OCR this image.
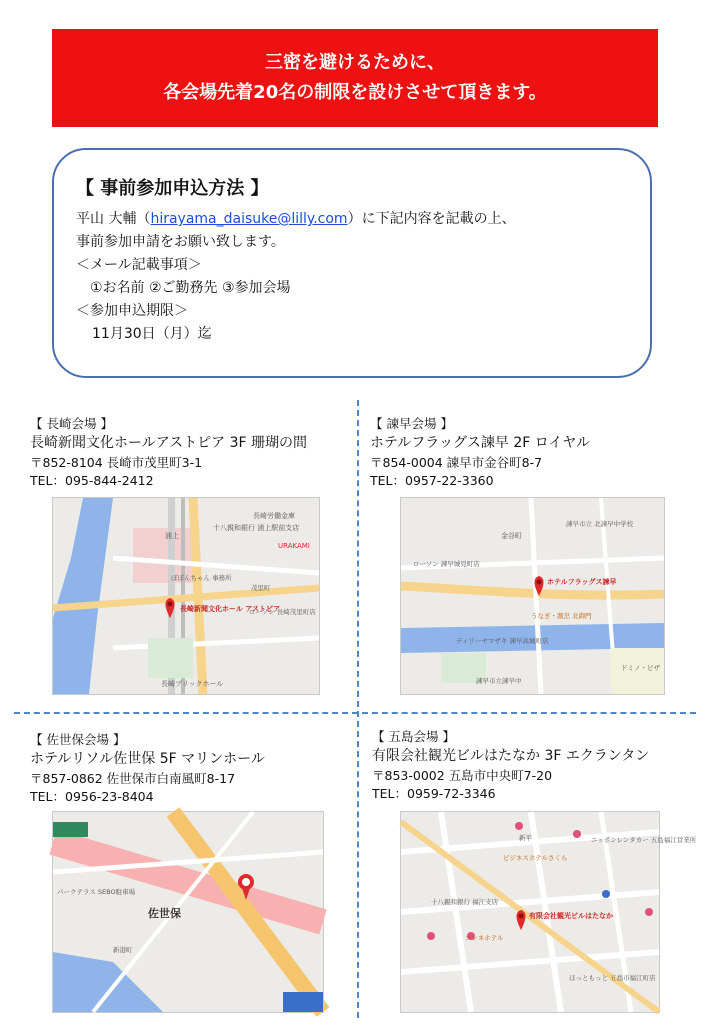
三密を避けるために、
各会場先着20名の制限を設けさせて頂きます。
【 事前参加申込方法 】
平山 大輔（hirayama_daisuke@lilly.com）に下記内容を記載の上、
事前参加申請をお願い致します。
＜メール記載事項＞
①お名前 ②ご勤務先 ③参加会場
＜参加申込期限＞
11月30日（月）迄
【 長崎会場 】
長崎新聞文化ホールアストピア 3F 珊瑚の間
〒852-8104 長崎市茂里町3-1
TEL：095-844-2412
十八親和銀行 浦上駅前支店
長崎労働金庫
URAKAMI
浦上
ぽぽんちゃん 事務所
ローソン 長崎茂里町店
茂里町
長崎ブリックホール
長崎新聞文化ホール アストピア
【 諫早会場 】
ホテルフラッグス諫早 2F ロイヤル
〒854-0004 諫早市金谷町8-7
TEL：0957-22-3360
金谷町
諫早市立 北諫早中学校
ローソン 諫早城見町店
うなぎ・割烹 北御門
ディリーヤマザキ 諫早高城町店
諫早市立諫早中
ドミノ・ピザ
ホテルフラッグス諫早
【 佐世保会場 】
ホテルリソル佐世保 5F マリンホール
〒857-0862 佐世保市白南風町8-17
TEL：0956-23-8404
佐世保
新港町
パークテラス SEBO駐車場
【 五島会場 】
有限会社観光ビルはたなか 3F エクランタン
〒853-0002 五島市中央町7-20
TEL：0959-72-3346
ビジネスホテルさくら
ニッポンレンタカー 五島福江営業所
十八親和銀行 福江支店
コンネホテル
新平
ほっともっと 五島市福江町店
有限会社観光ビルはたなか
